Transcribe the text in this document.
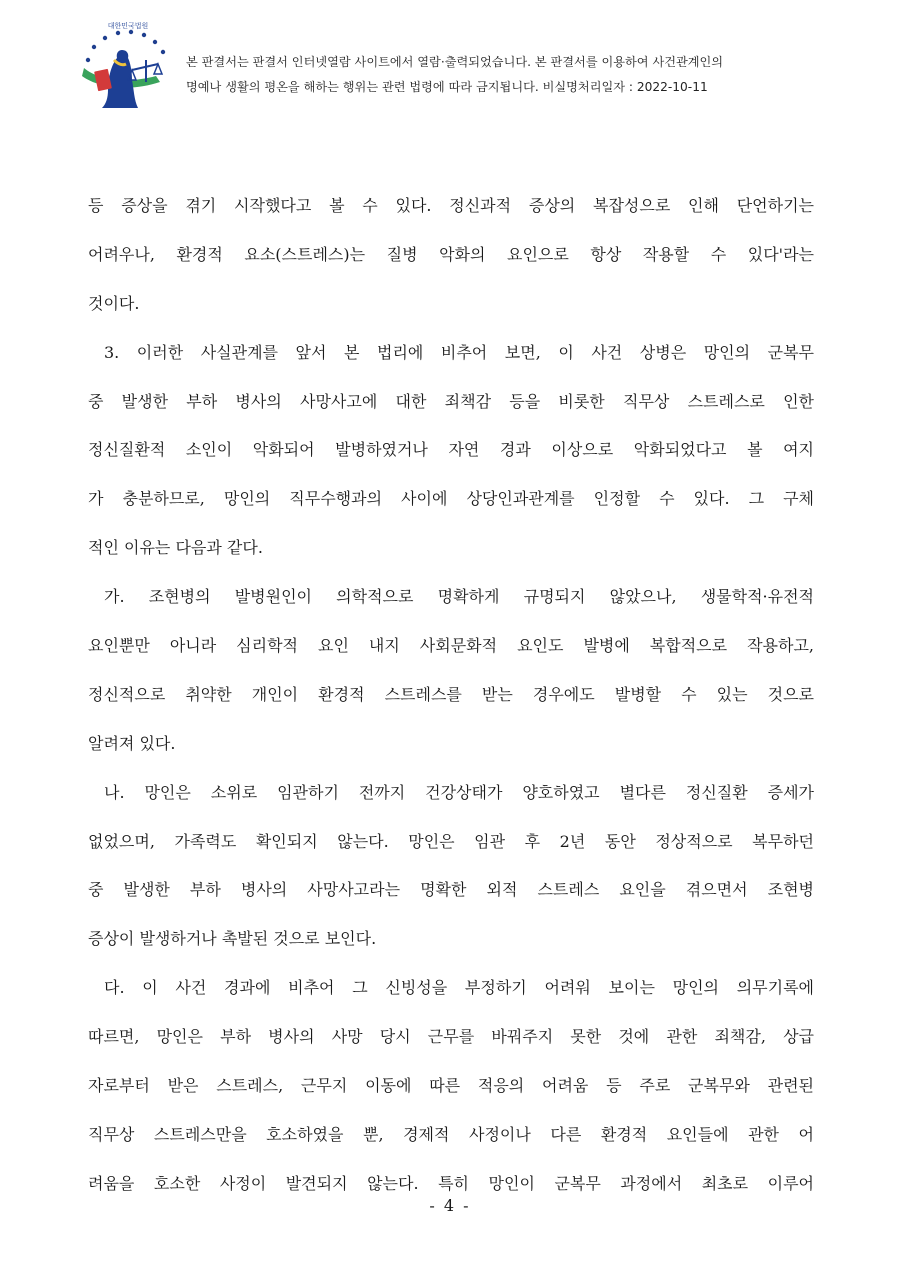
대한민국법원
본 판결서는 판결서 인터넷열람 사이트에서 열람·출력되었습니다. 본 판결서를 이용하여 사건관계인의
명예나 생활의 평온을 해하는 행위는 관련 법령에 따라 금지됩니다. 비실명처리일자 : 2022-10-11
등 증상을 겪기 시작했다고 볼 수 있다. 정신과적 증상의 복잡성으로 인해 단언하기는
어려우나, 환경적 요소(스트레스)는 질병 악화의 요인으로 항상 작용할 수 있다'라는
것이다.
3. 이러한 사실관계를 앞서 본 법리에 비추어 보면, 이 사건 상병은 망인의 군복무
중 발생한 부하 병사의 사망사고에 대한 죄책감 등을 비롯한 직무상 스트레스로 인한
정신질환적 소인이 악화되어 발병하였거나 자연 경과 이상으로 악화되었다고 볼 여지
가 충분하므로, 망인의 직무수행과의 사이에 상당인과관계를 인정할 수 있다. 그 구체
적인 이유는 다음과 같다.
가. 조현병의 발병원인이 의학적으로 명확하게 규명되지 않았으나, 생물학적·유전적
요인뿐만 아니라 심리학적 요인 내지 사회문화적 요인도 발병에 복합적으로 작용하고,
정신적으로 취약한 개인이 환경적 스트레스를 받는 경우에도 발병할 수 있는 것으로
알려져 있다.
나. 망인은 소위로 임관하기 전까지 건강상태가 양호하였고 별다른 정신질환 증세가
없었으며, 가족력도 확인되지 않는다. 망인은 임관 후 2년 동안 정상적으로 복무하던
중 발생한 부하 병사의 사망사고라는 명확한 외적 스트레스 요인을 겪으면서 조현병
증상이 발생하거나 촉발된 것으로 보인다.
다. 이 사건 경과에 비추어 그 신빙성을 부정하기 어려워 보이는 망인의 의무기록에
따르면, 망인은 부하 병사의 사망 당시 근무를 바꿔주지 못한 것에 관한 죄책감, 상급
자로부터 받은 스트레스, 근무지 이동에 따른 적응의 어려움 등 주로 군복무와 관련된
직무상 스트레스만을 호소하였을 뿐, 경제적 사정이나 다른 환경적 요인들에 관한 어
려움을 호소한 사정이 발견되지 않는다. 특히 망인이 군복무 과정에서 최초로 이루어
- 4 -
